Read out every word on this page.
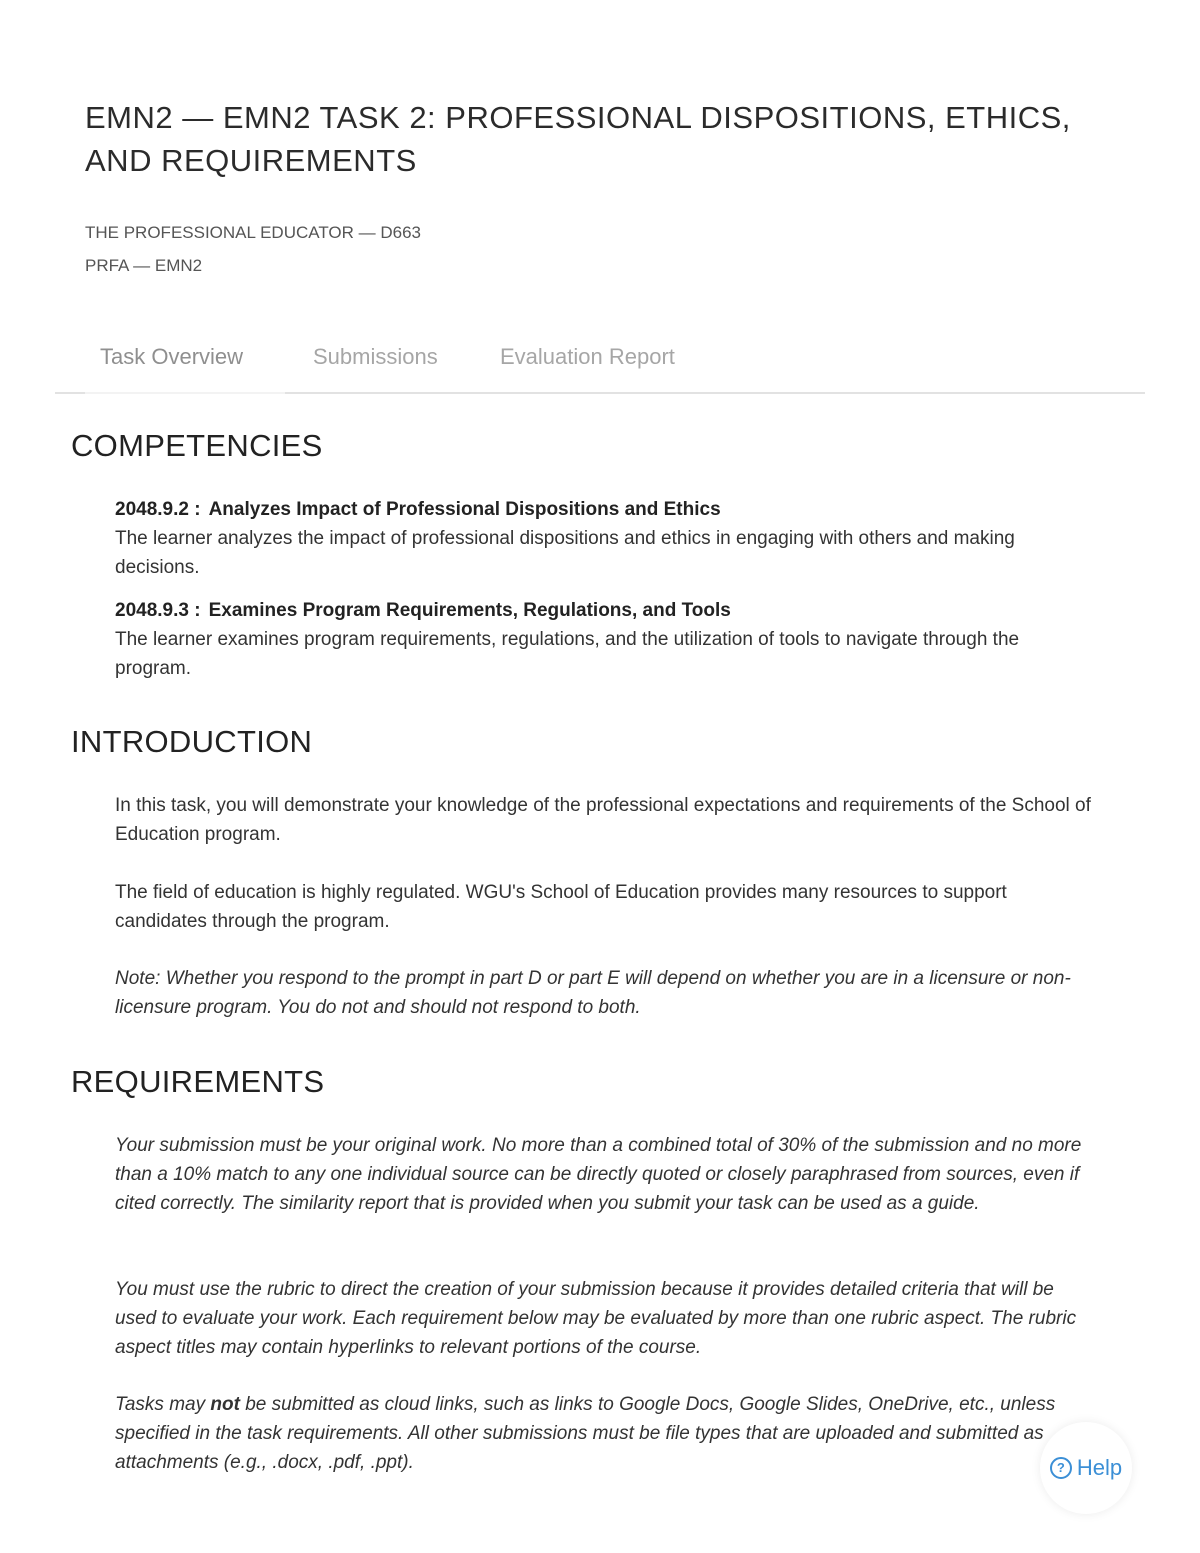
EMN2 — EMN2 TASK 2: PROFESSIONAL DISPOSITIONS, ETHICS, AND REQUIREMENTS
THE PROFESSIONAL EDUCATOR — D663
PRFA — EMN2
Task Overview	Submissions	Evaluation Report
COMPETENCIES

2048.9.2 : Analyzes Impact of Professional Dispositions and Ethics

The learner analyzes the impact of professional dispositions and ethics in engaging with others and making decisions.

2048.9.3 : Examines Program Requirements, Regulations, and Tools

The learner examines program requirements, regulations, and the utilization of tools to navigate through the program.

INTRODUCTION

In this task, you will demonstrate your knowledge of the professional expectations and requirements of the School of Education program.

The field of education is highly regulated. WGU's School of Education provides many resources to support candidates through the program.

Note: Whether you respond to the prompt in part D or part E will depend on whether you are in a licensure or non-licensure program. You do not and should not respond to both.

REQUIREMENTS

Your submission must be your original work. No more than a combined total of 30% of the submission and no more than a 10% match to any one individual source can be directly quoted or closely paraphrased from sources, even if cited correctly. The similarity report that is provided when you submit your task can be used as a guide.

You must use the rubric to direct the creation of your submission because it provides detailed criteria that will be used to evaluate your work. Each requirement below may be evaluated by more than one rubric aspect. The rubric aspect titles may contain hyperlinks to relevant portions of the course.

Tasks may not be submitted as cloud links, such as links to Google Docs, Google Slides, OneDrive, etc., unless specified in the task requirements. All other submissions must be file types that are uploaded and submitted as attachments (e.g., .docx, .pdf, .ppt).	? Help
